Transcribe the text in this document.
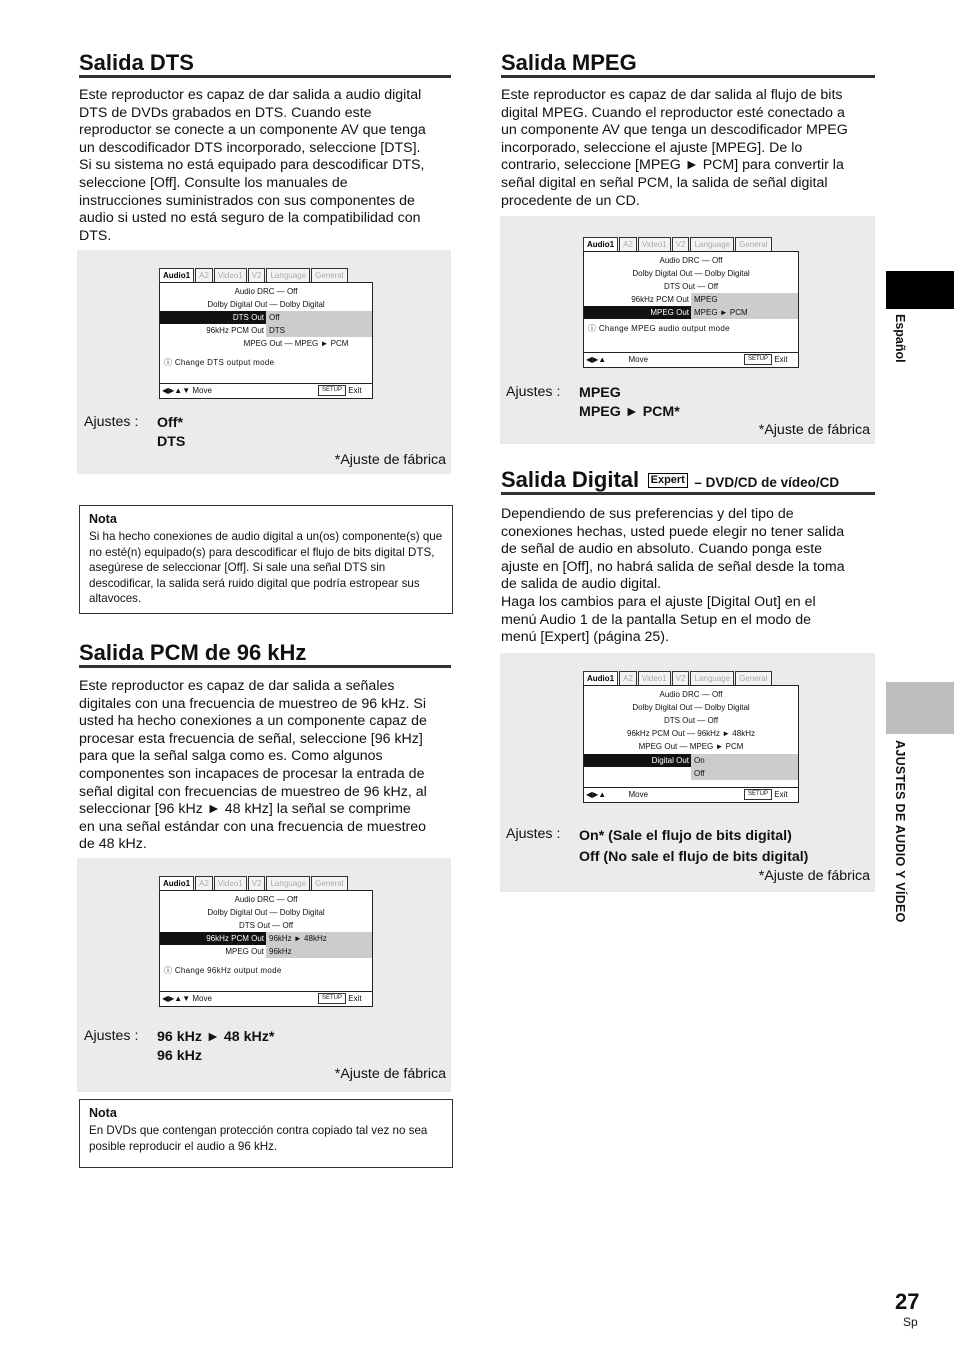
Salida DTS
Este reproductor es capaz de dar salida a audio digital
DTS de DVDs grabados en DTS. Cuando este
reproductor se conecte a un componente AV que tenga
un descodificador DTS incorporado, seleccione [DTS].
Si su sistema no está equipado para descodificar DTS,
seleccione [Off]. Consulte los manuales de
instrucciones suministrados con sus componentes de
audio si usted no está seguro de la compatibilidad con
DTS.
Audio1	A2	Video1	V2	Language	General
Audio DRC — Off
Dolby Digital Out — Dolby Digital
DTS Out Off
96kHz PCM Out DTS
MPEG Out — MPEG ► PCM
ⓘ Change DTS output mode
◀▶▲▼ Move	SETUP Exit
Ajustes : Off*
DTS
*Ajuste de fábrica
Nota
Si ha hecho conexiones de audio digital a un(os) componente(s) que no esté(n) equipado(s) para descodificar el flujo de bits digital DTS, asegúrese de seleccionar [Off]. Si sale una señal DTS sin descodificar, la salida será ruido digital que podría estropear sus altavoces.
Salida PCM de 96 kHz
Este reproductor es capaz de dar salida a señales
digitales con una frecuencia de muestreo de 96 kHz. Si
usted ha hecho conexiones a un componente capaz de
procesar esta frecuencia de señal, seleccione [96 kHz]
para que la señal salga como es. Como algunos
componentes son incapaces de procesar la entrada de
señal digital con frecuencias de muestreo de 96 kHz, al
seleccionar [96 kHz ► 48 kHz] la señal se comprime
en una señal estándar con una frecuencia de muestreo
de 48 kHz.
Audio1	A2	Video1	V2	Language	General
Audio DRC — Off
Dolby Digital Out — Dolby Digital
DTS Out — Off
96kHz PCM Out 96kHz ► 48kHz
MPEG Out 96kHz
ⓘ Change 96kHz output mode
◀▶▲▼ Move	SETUP Exit
Ajustes : 96 kHz ► 48 kHz*
96 kHz
*Ajuste de fábrica
Nota
En DVDs que contengan protección contra copiado tal vez no sea posible reproducir el audio a 96 kHz.
Salida MPEG
Este reproductor es capaz de dar salida al flujo de bits
digital MPEG. Cuando el reproductor esté conectado a
un componente AV que tenga un descodificador MPEG
incorporado, seleccione el ajuste [MPEG]. De lo
contrario, seleccione [MPEG ► PCM] para convertir la
señal digital en señal PCM, la salida de señal digital
procedente de un CD.
Audio1	A2	Video1	V2	Language	General
Audio DRC — Off
Dolby Digital Out — Dolby Digital
DTS Out — Off
96kHz PCM Out MPEG
MPEG Out MPEG ► PCM
ⓘ Change MPEG audio output mode
◀▶▲	Move	SETUP Exit
Ajustes : MPEG
MPEG ► PCM*
*Ajuste de fábrica
Salida Digital Expert – DVD/CD de vídeo/CD
Dependiendo de sus preferencias y del tipo de
conexiones hechas, usted puede elegir no tener salida
de señal de audio en absoluto. Cuando ponga este
ajuste en [Off], no habrá salida de señal desde la toma
de salida de audio digital.
Haga los cambios para el ajuste [Digital Out] en el
menú Audio 1 de la pantalla Setup en el modo de
menú [Expert] (página 25).
Audio1	A2	Video1	V2	Language	General
Audio DRC — Off
Dolby Digital Out — Dolby Digital
DTS Out — Off
96kHz PCM Out — 96kHz ► 48kHz
MPEG Out — MPEG ► PCM
Digital Out On
Off
◀▶▲	Move	SETUP Exit
Ajustes : On* (Sale el flujo de bits digital)
Off (No sale el flujo de bits digital)
*Ajuste de fábrica
Español
AJUSTES DE AUDIO Y VÍDEO
27
Sp
